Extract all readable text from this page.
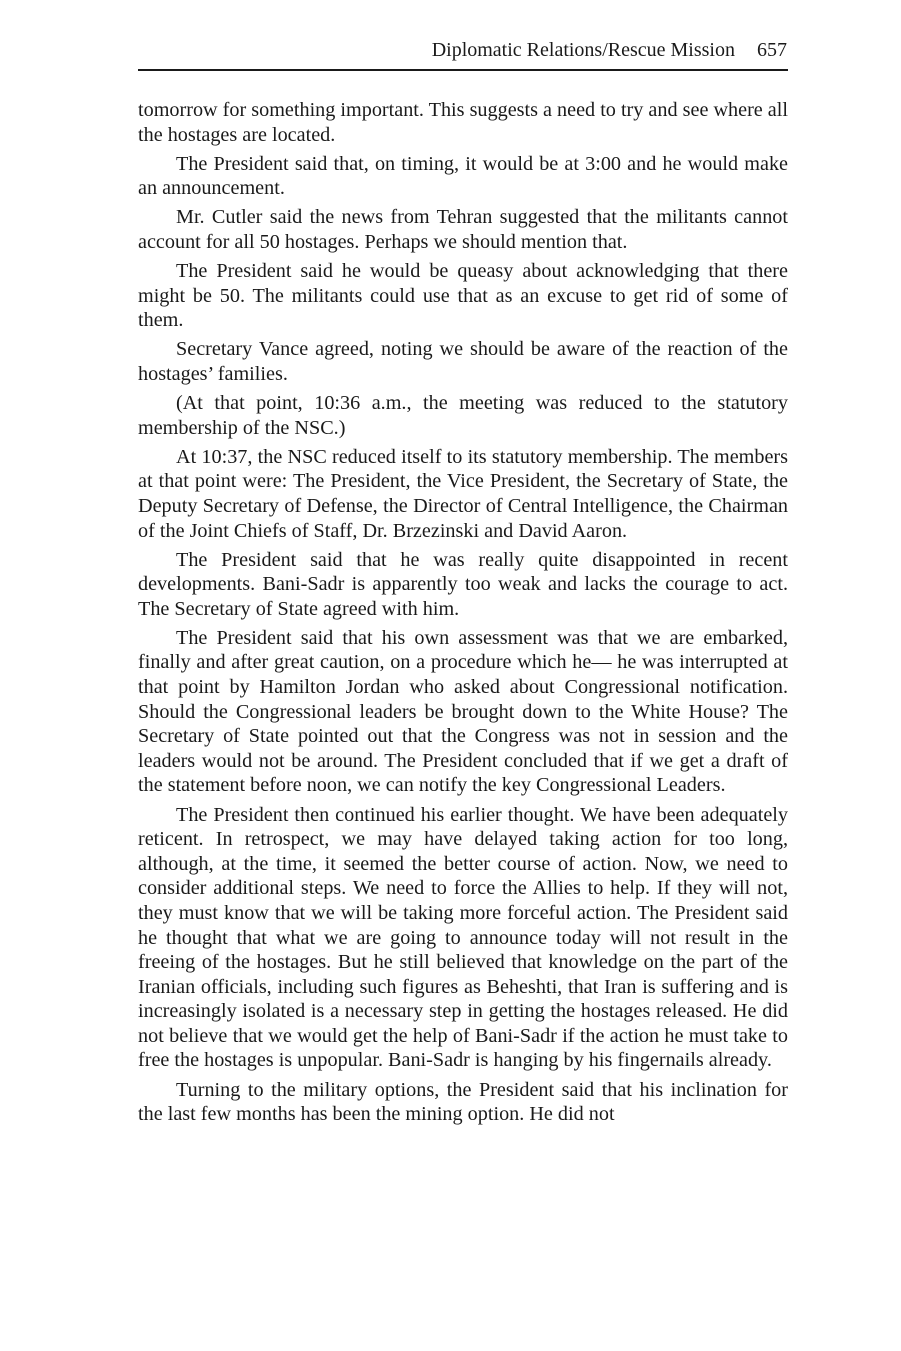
Diplomatic Relations/Rescue Mission 657

tomorrow for something important. This suggests a need to try and see where all the hostages are located.

The President said that, on timing, it would be at 3:00 and he would make an announcement.

Mr. Cutler said the news from Tehran suggested that the militants cannot account for all 50 hostages. Perhaps we should mention that.

The President said he would be queasy about acknowledging that there might be 50. The militants could use that as an excuse to get rid of some of them.

Secretary Vance agreed, noting we should be aware of the reaction of the hostages’ families.

(At that point, 10:36 a.m., the meeting was reduced to the statutory membership of the NSC.)

At 10:37, the NSC reduced itself to its statutory membership. The members at that point were: The President, the Vice President, the Secretary of State, the Deputy Secretary of Defense, the Director of Central Intelligence, the Chairman of the Joint Chiefs of Staff, Dr. Brzezinski and David Aaron.

The President said that he was really quite disappointed in recent developments. Bani-Sadr is apparently too weak and lacks the courage to act. The Secretary of State agreed with him.

The President said that his own assessment was that we are embarked, finally and after great caution, on a procedure which he— he was interrupted at that point by Hamilton Jordan who asked about Congressional notification. Should the Congressional leaders be brought down to the White House? The Secretary of State pointed out that the Congress was not in session and the leaders would not be around. The President concluded that if we get a draft of the statement before noon, we can notify the key Congressional Leaders.

The President then continued his earlier thought. We have been adequately reticent. In retrospect, we may have delayed taking action for too long, although, at the time, it seemed the better course of action. Now, we need to consider additional steps. We need to force the Allies to help. If they will not, they must know that we will be taking more forceful action. The President said he thought that what we are going to announce today will not result in the freeing of the hostages. But he still believed that knowledge on the part of the Iranian officials, including such figures as Beheshti, that Iran is suffering and is increasingly isolated is a necessary step in getting the hostages released. He did not believe that we would get the help of Bani-Sadr if the action he must take to free the hostages is unpopular. Bani-Sadr is hanging by his fingernails already.

Turning to the military options, the President said that his inclination for the last few months has been the mining option. He did not
